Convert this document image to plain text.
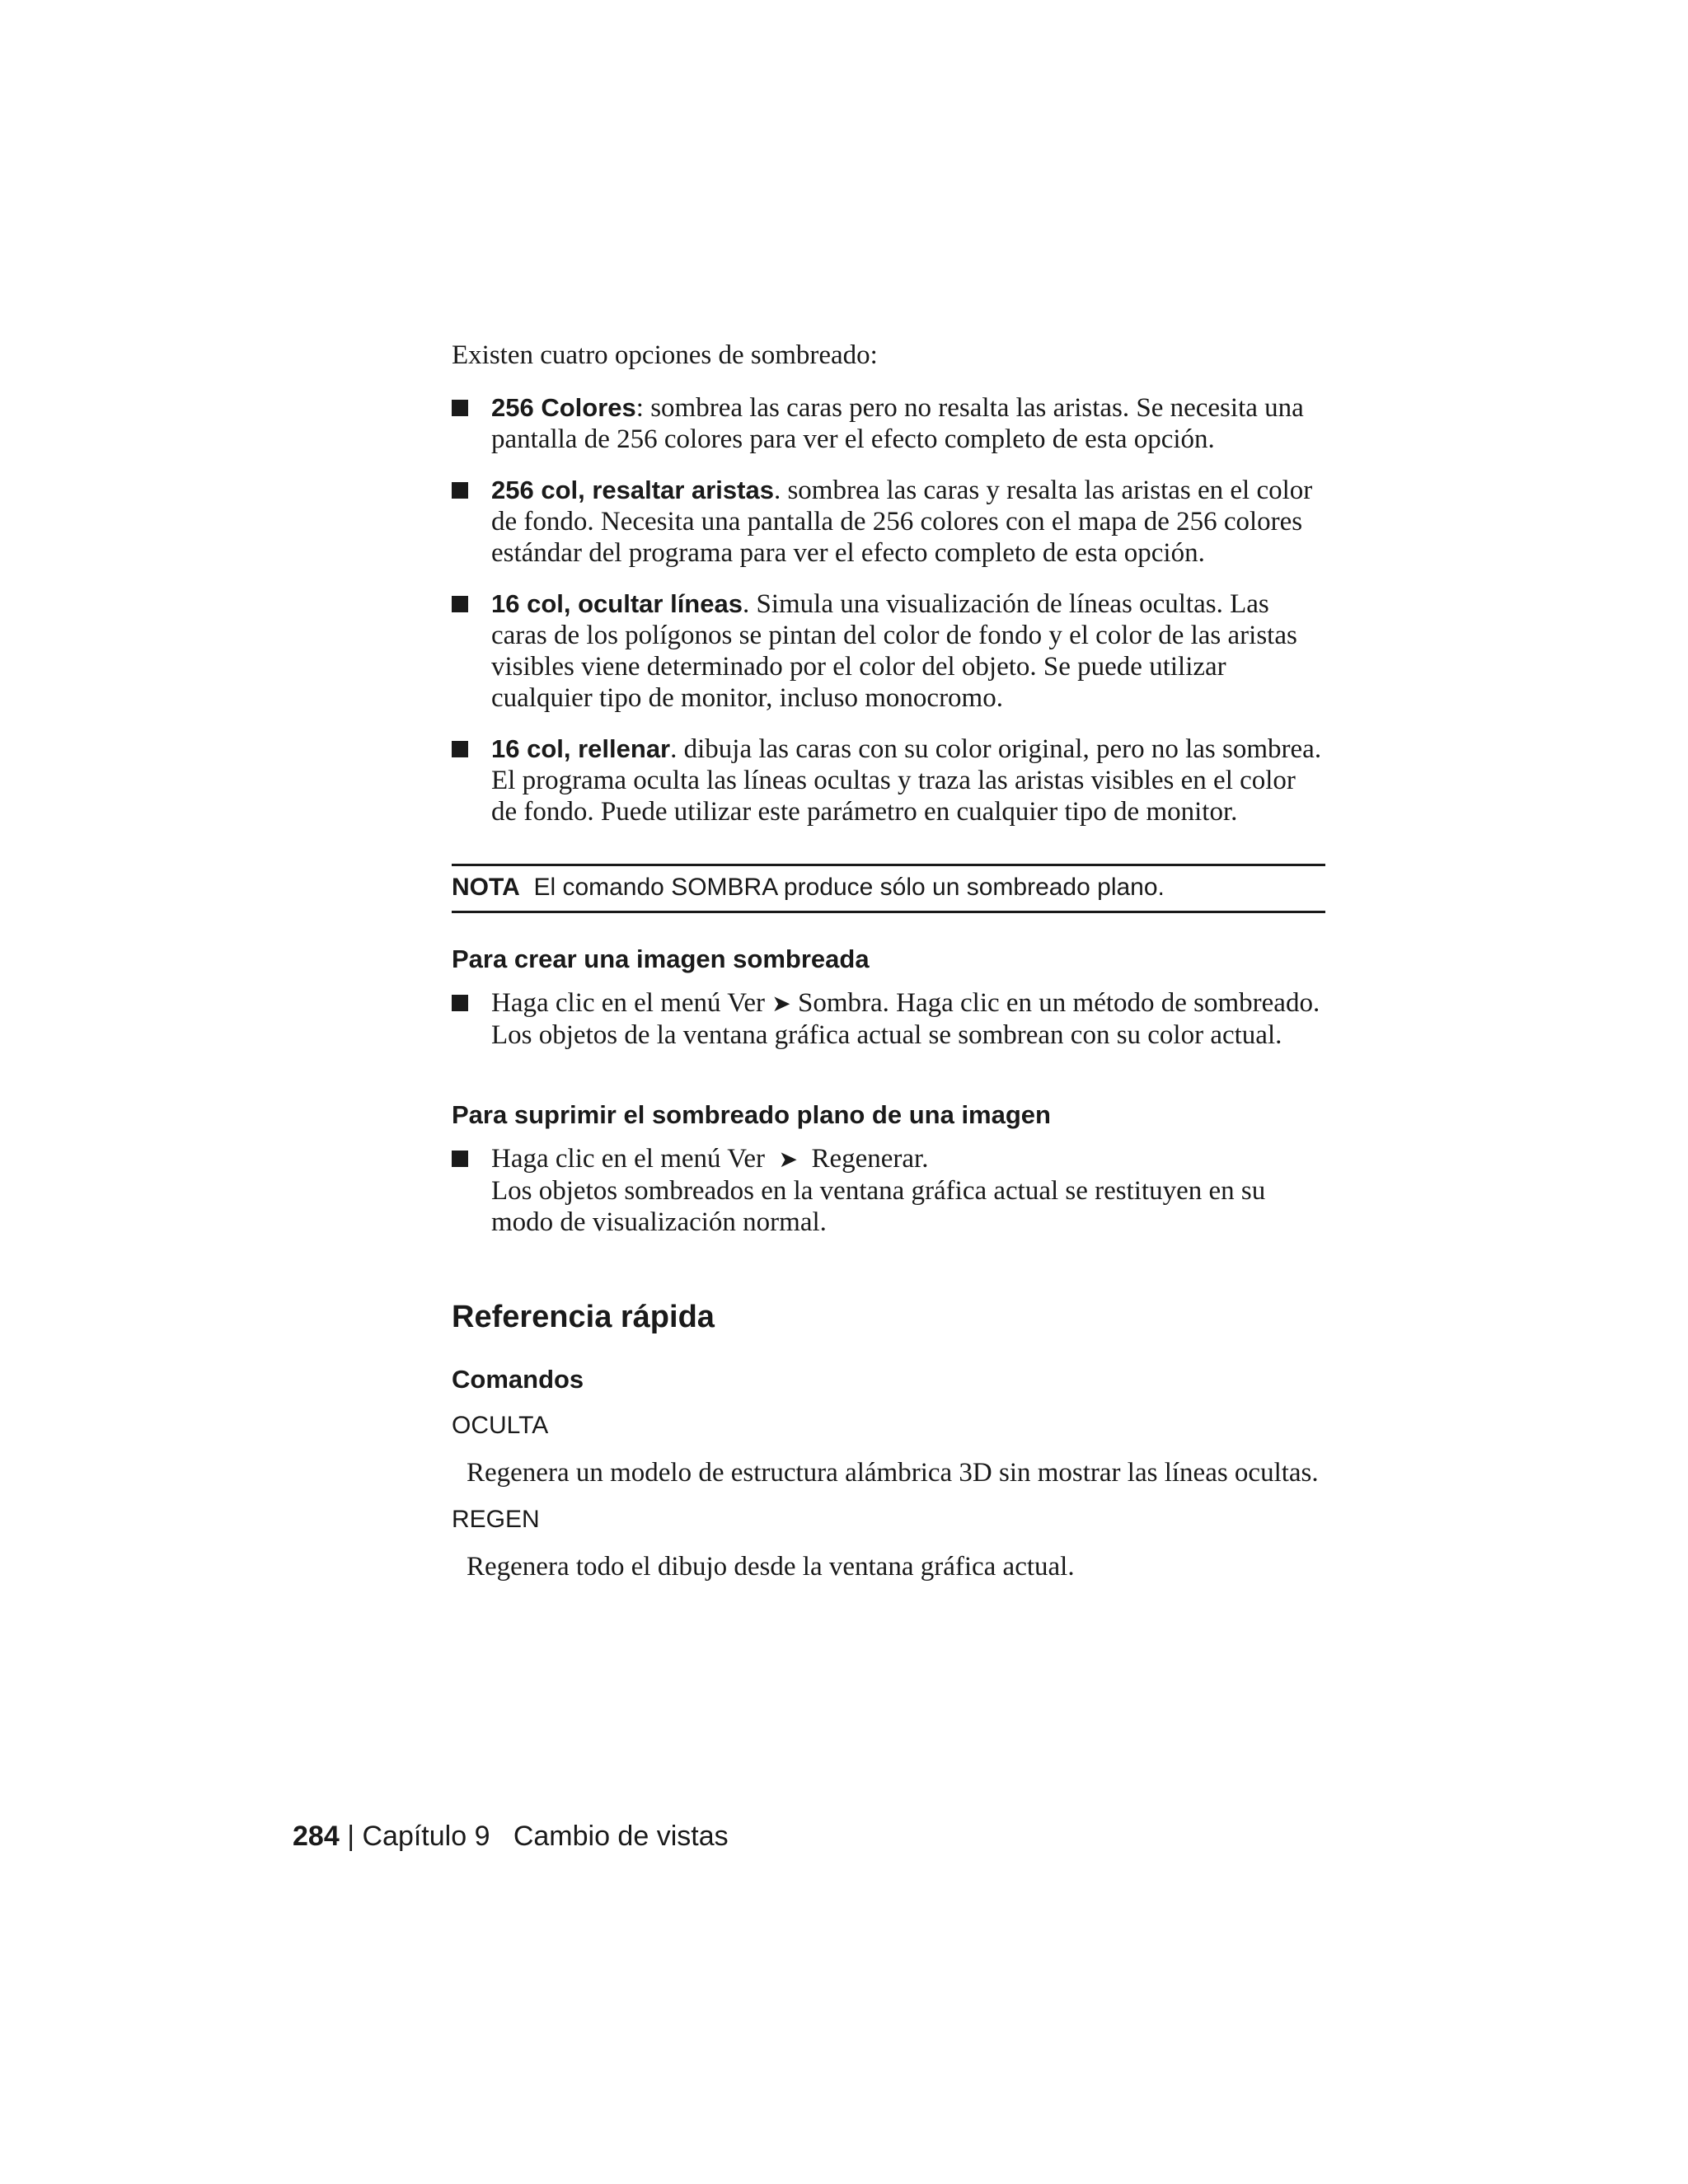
Existen cuatro opciones de sombreado:

256 Colores: sombrea las caras pero no resalta las aristas. Se necesita una pantalla de 256 colores para ver el efecto completo de esta opción.
256 col, resaltar aristas. sombrea las caras y resalta las aristas en el color de fondo. Necesita una pantalla de 256 colores con el mapa de 256 colores estándar del programa para ver el efecto completo de esta opción.
16 col, ocultar líneas. Simula una visualización de líneas ocultas. Las caras de los polígonos se pintan del color de fondo y el color de las aristas visibles viene determinado por el color del objeto. Se puede utilizar cualquier tipo de monitor, incluso monocromo.
16 col, rellenar. dibuja las caras con su color original, pero no las sombrea. El programa oculta las líneas ocultas y traza las aristas visibles en el color de fondo. Puede utilizar este parámetro en cualquier tipo de monitor.
NOTA El comando SOMBRA produce sólo un sombreado plano.

Para crear una imagen sombreada

Haga clic en el menú Ver ➤ Sombra. Haga clic en un método de sombreado. Los objetos de la ventana gráfica actual se sombrean con su color actual.

Para suprimir el sombreado plano de una imagen

Haga clic en el menú Ver ➤ Regenerar.
Los objetos sombreados en la ventana gráfica actual se restituyen en su modo de visualización normal.

Referencia rápida

Comandos

OCULTA

Regenera un modelo de estructura alámbrica 3D sin mostrar las líneas ocultas.

REGEN

Regenera todo el dibujo desde la ventana gráfica actual.

284 | Capítulo 9 Cambio de vistas
